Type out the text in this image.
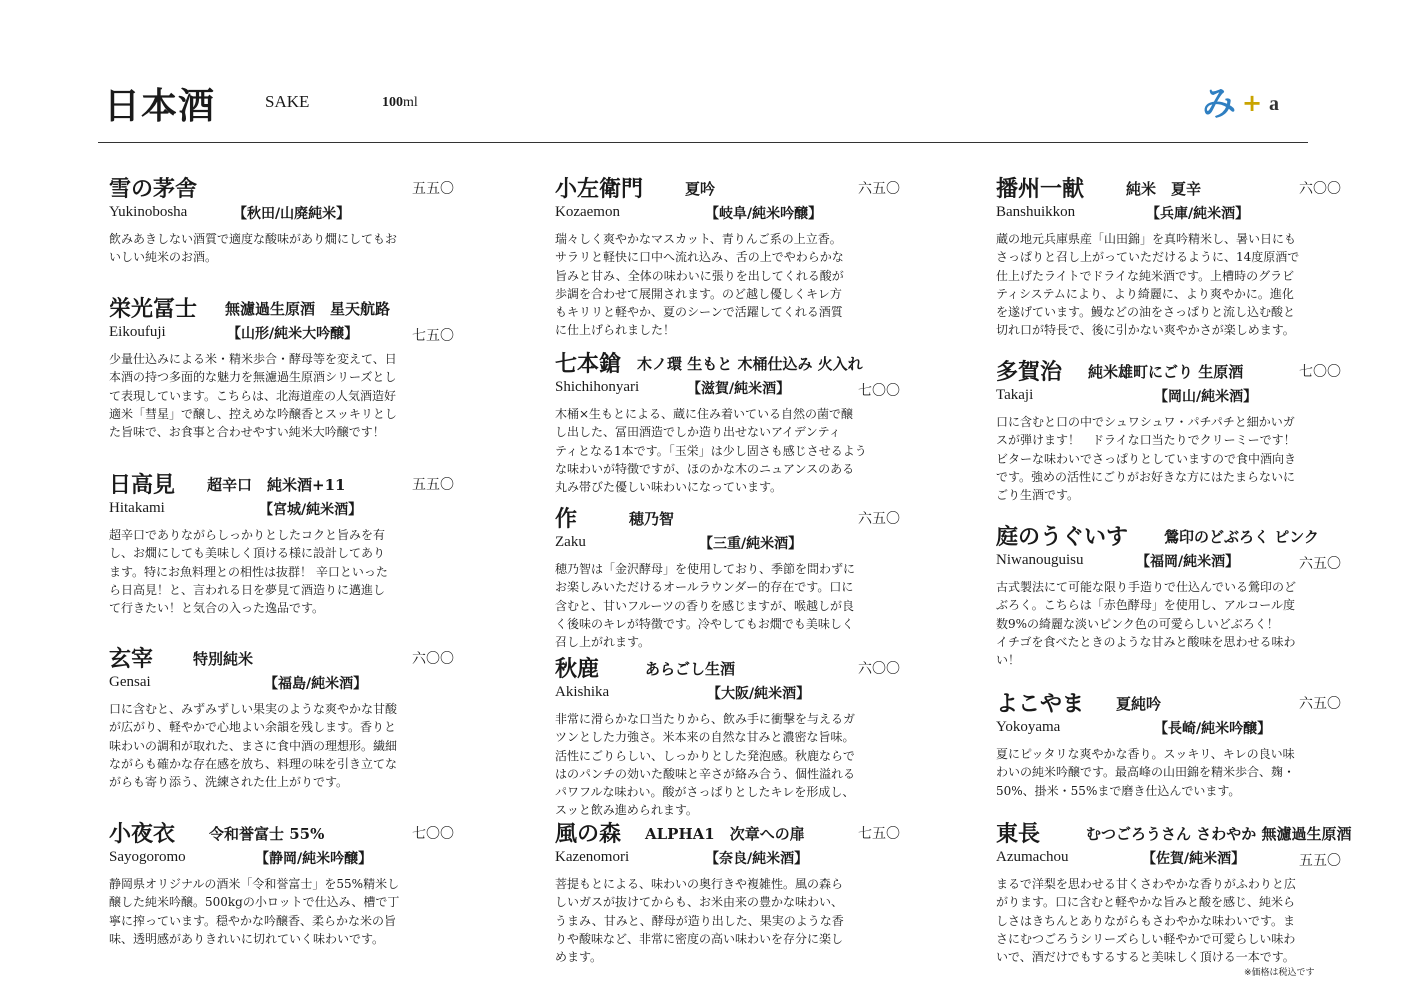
日本酒	SAKE	100ml	み + a
雪の茅舎	五五〇
Yukinobosha	【秋田/山廃純米】
飲みあきしない酒質で適度な酸味があり燗にしてもお
いしい純米のお酒。
栄光冨士 無濾過生原酒　星天航路
Eikoufuji	【山形/純米大吟醸】	七五〇
少量仕込みによる米・精米歩合・酵母等を変えて、日
本酒の持つ多面的な魅力を無濾過生原酒シリーズとし
て表現しています。こちらは、北海道産の人気酒造好
適米「彗星」で醸し、控えめな吟醸香とスッキリとし
た旨味で、お食事と合わせやすい純米大吟醸です！
日高見 超辛口　純米酒+11	五五〇
Hitakami	【宮城/純米酒】
超辛口でありながらしっかりとしたコクと旨みを有
し、お燗にしても美味しく頂ける様に設計してあり
ます。特にお魚料理との相性は抜群！ 辛口といった
ら日高見！と、言われる日を夢見て酒造りに邁進し
て行きたい！と気合の入った逸品です。
玄宰	特別純米	六〇〇
Gensai	【福島/純米酒】
口に含むと、みずみずしい果実のような爽やかな甘酸
が広がり、軽やかで心地よい余韻を残します。香りと
味わいの調和が取れた、まさに食中酒の理想形。繊細
ながらも確かな存在感を放ち、料理の味を引き立てな
がらも寄り添う、洗練された仕上がりです。
小夜衣 令和誉富士 55%	七〇〇
Sayogoromo	【静岡/純米吟醸】
静岡県オリジナルの酒米「令和誉富士」を55%精米し
醸した純米吟醸。500kgの小ロットで仕込み、槽で丁
寧に搾っています。穏やかな吟醸香、柔らかな米の旨
味、透明感がありきれいに切れていく味わいです。
小左衛門	夏吟	六五〇
Kozaemon	【岐阜/純米吟醸】
瑞々しく爽やかなマスカット、青りんご系の上立香。
サラリと軽快に口中へ流れ込み、舌の上でやわらかな
旨みと甘み、全体の味わいに張りを出してくれる酸が
歩調を合わせて展開されます。のど越し優しくキレ方
もキリリと軽やか、夏のシーンで活躍してくれる酒質
に仕上げられました！
七本鎗 木ノ環 生もと 木桶仕込み 火入れ
Shichihonyari	【滋賀/純米酒】	七〇〇
木桶×生もとによる、蔵に住み着いている自然の菌で醸
し出した、冨田酒造でしか造り出せないアイデンティ
ティとなる1本です。「玉栄」は少し固さも感じさせるよう
な味わいが特徴ですが、ほのかな木のニュアンスのある
丸み帯びた優しい味わいになっています。
作	穂乃智	六五〇
Zaku	【三重/純米酒】
穂乃智は「金沢酵母」を使用しており、季節を問わずに
お楽しみいただけるオールラウンダー的存在です。口に
含むと、甘いフルーツの香りを感じますが、喉越しが良
く後味のキレが特徴です。冷やしてもお燗でも美味しく
召し上がれます。
秋鹿	あらごし生酒	六〇〇
Akishika	【大阪/純米酒】
非常に滑らかな口当たりから、飲み手に衝撃を与えるガ
ツンとした力強さ。米本来の自然な甘みと濃密な旨味。
活性にごりらしい、しっかりとした発泡感。秋鹿ならで
はのパンチの効いた酸味と辛さが絡み合う、個性溢れる
パワフルな味わい。酸がさっぱりとしたキレを形成し、
スッと飲み進められます。
風の森 ALPHA1　次章への扉	七五〇
Kazenomori	【奈良/純米酒】
菩提もとによる、味わいの奥行きや複雑性。風の森ら
しいガスが抜けてからも、お米由来の豊かな味わい、
うまみ、甘みと、酵母が造り出した、果実のような香
りや酸味など、非常に密度の高い味わいを存分に楽し
めます。
播州一献	純米　夏辛	六〇〇
Banshuikkon	【兵庫/純米酒】
蔵の地元兵庫県産「山田錦」を真吟精米し、暑い日にも
さっぱりと召し上がっていただけるように、14度原酒で
仕上げたライトでドライな純米酒です。上槽時のグラビ
ティシステムにより、より綺麗に、より爽やかに。進化
を遂げています。鰻などの油をさっぱりと流し込む酸と
切れ口が特長で、後に引かない爽やかさが楽しめます。
多賀治 純米雄町にごり 生原酒	七〇〇
Takaji	【岡山/純米酒】
口に含むと口の中でシュワシュワ・パチパチと細かいガ
スが弾けます！　ドライな口当たりでクリーミーです！
ビターな味わいでさっぱりとしていますので食中酒向き
です。強めの活性にごりがお好きな方にはたまらないに
ごり生酒です。
庭のうぐいす 鶯印のどぶろく ピンク
Niwanouguisu	【福岡/純米酒】	六五〇
古式製法にて可能な限り手造りで仕込んでいる鶯印のど
ぶろく。こちらは「赤色酵母」を使用し、アルコール度
数9%の綺麗な淡いピンク色の可愛らしいどぶろく！
イチゴを食べたときのような甘みと酸味を思わせる味わ
い！
よこやま 夏純吟	六五〇
Yokoyama	【長崎/純米吟醸】
夏にピッタリな爽やかな香り。スッキリ、キレの良い味
わいの純米吟醸です。最高峰の山田錦を精米歩合、麹・
50%、掛米・55%まで磨き仕込んでいます。
東長	むつごろうさん さわやか 無濾過生原酒
Azumachou	【佐賀/純米酒】	五五〇
まるで洋梨を思わせる甘くさわやかな香りがふわりと広
がります。口に含むと軽やかな旨みと酸を感じ、純米ら
しさはきちんとありながらもさわやかな味わいです。ま
さにむつごろうシリーズらしい軽やかで可愛らしい味わ
いで、酒だけでもするすると美味しく頂ける一本です。
※価格は税込です
